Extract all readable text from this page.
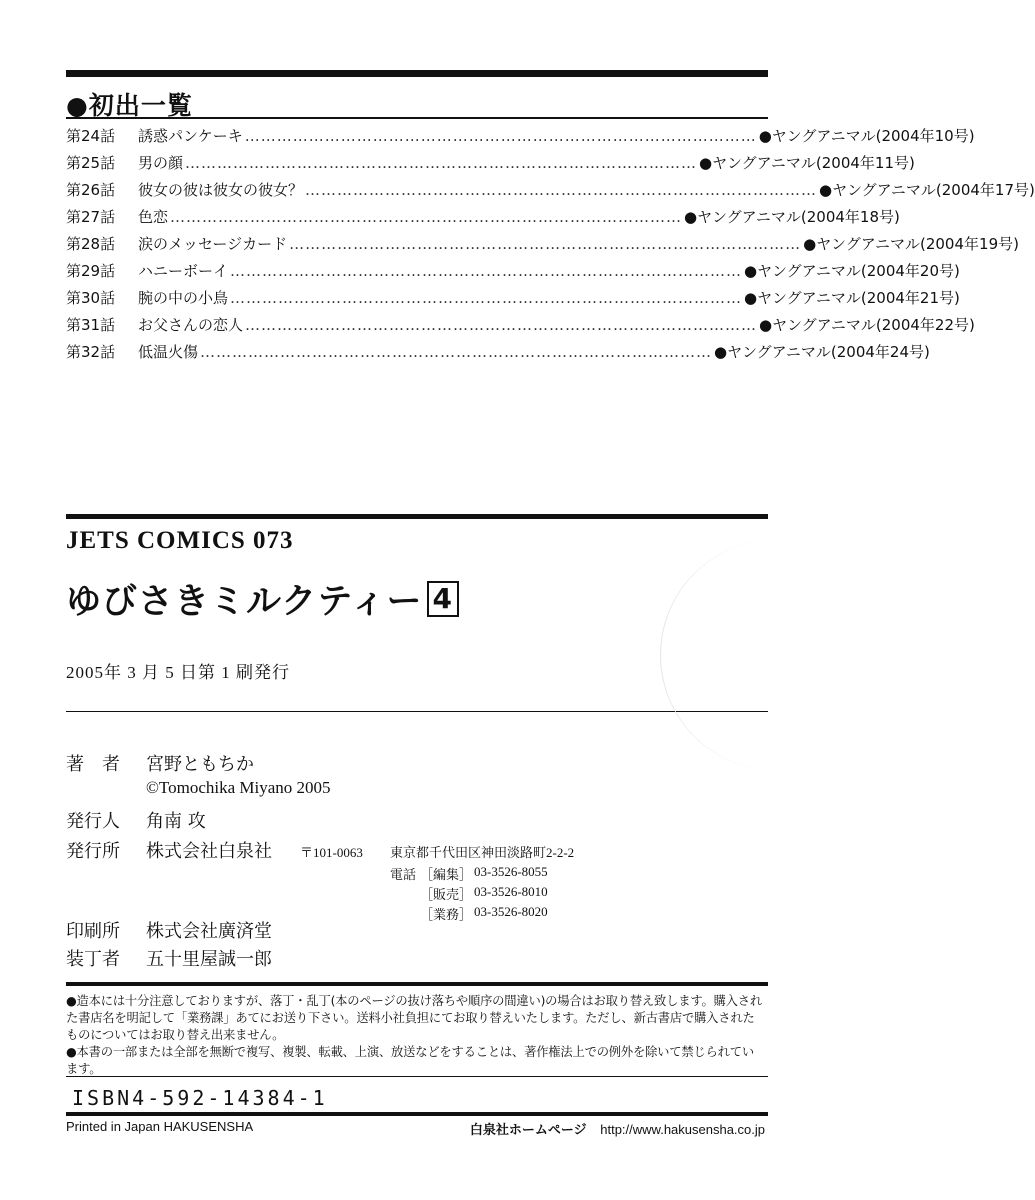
●初出一覧
第24話	誘惑パンケーキ …………………………………………………………………………………… ●ヤングアニマル(2004年10号)
第25話	男の顔 …………………………………………………………………………………… ●ヤングアニマル(2004年11号)
第26話	彼女の彼は彼女の彼女？ …………………………………………………………………………………… ●ヤングアニマル(2004年17号)
第27話	色恋 …………………………………………………………………………………… ●ヤングアニマル(2004年18号)
第28話	涙のメッセージカード …………………………………………………………………………………… ●ヤングアニマル(2004年19号)
第29話	ハニーボーイ …………………………………………………………………………………… ●ヤングアニマル(2004年20号)
第30話	腕の中の小鳥 …………………………………………………………………………………… ●ヤングアニマル(2004年21号)
第31話	お父さんの恋人 …………………………………………………………………………………… ●ヤングアニマル(2004年22号)
第32話	低温火傷 …………………………………………………………………………………… ●ヤングアニマル(2004年24号)
JETS COMICS 073
ゆびさきミルクティー 4
2005年 3 月 5 日第 1 刷発行
著　者	宮野ともちか
©Tomochika Miyano 2005
発行人	角南 攻
発行所	株式会社白泉社 〒101-0063 東京都千代田区神田淡路町2-2-2
電話 ［編集］ 03-3526-8055
［販売］ 03-3526-8010
［業務］ 03-3526-8020
印刷所	株式会社廣済堂
装丁者	五十里屋誠一郎

●造本には十分注意しておりますが、落丁・乱丁(本のページの抜け落ちや順序の間違い)の場合はお取り替え致します。購入された書店名を明記して「業務課」あてにお送り下さい。送料小社負担にてお取り替えいたします。ただし、新古書店で購入されたものについてはお取り替え出来ません。

●本書の一部または全部を無断で複写、複製、転載、上演、放送などをすることは、著作権法上での例外を除いて禁じられています。

ISBN4-592-14384-1
Printed in Japan HAKUSENSHA	白泉社ホームページ http://www.hakusensha.co.jp
